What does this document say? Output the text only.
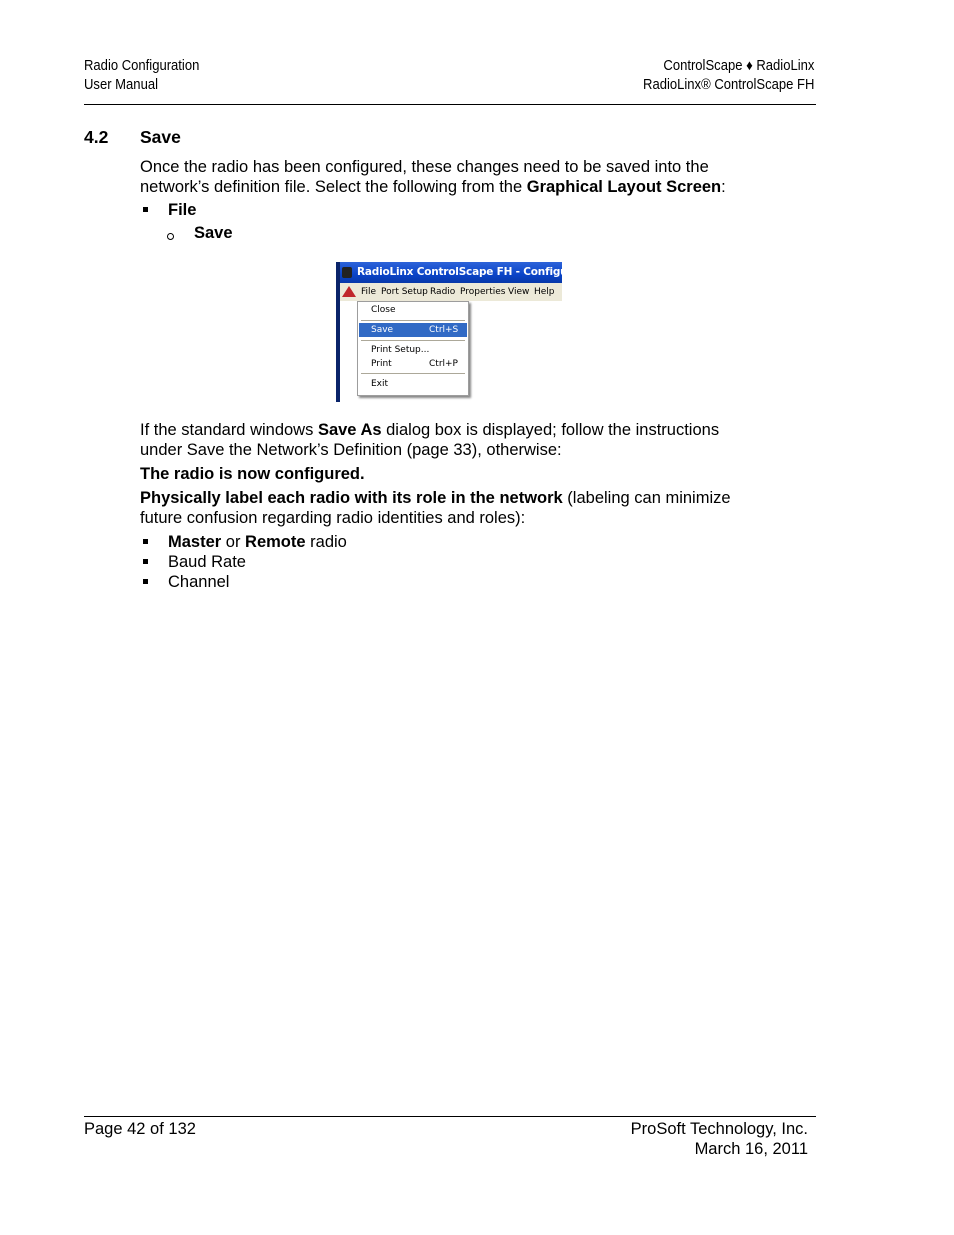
Radio Configuration
User Manual
ControlScape ♦ RadioLinx
RadioLinx® ControlScape FH
4.2 Save
Once the radio has been configured, these changes need to be saved into the
network’s definition file. Select the following from the Graphical Layout Screen:
File
Save
RadioLinx ControlScape FH - Configuration
File Port Setup Radio Properties View Help
Close
Save	Ctrl+S
Print Setup...
Print	Ctrl+P
Exit
If the standard windows Save As dialog box is displayed; follow the instructions
under Save the Network’s Definition (page 33), otherwise:
The radio is now configured.
Physically label each radio with its role in the network (labeling can minimize
future confusion regarding radio identities and roles):
Master or Remote radio
Baud Rate
Channel
Page 42 of 132	ProSoft Technology, Inc.
March 16, 2011
